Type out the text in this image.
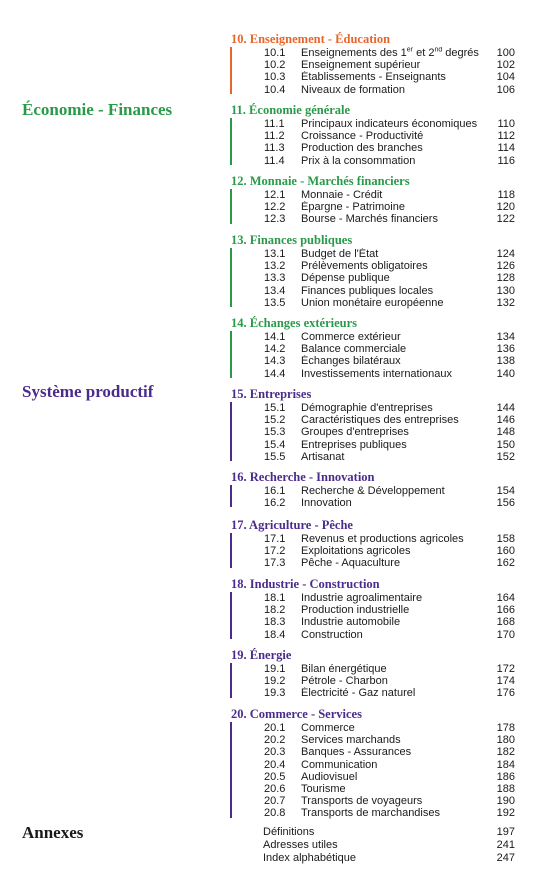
Économie - Finances
Système productif
Annexes
10. Enseignement - Éducation
10.1	Enseignements des 1er et 2nd degrés	100
10.2	Enseignement supérieur	102
10.3	Établissements - Enseignants	104
10.4	Niveaux de formation	106
11. Économie générale
11.1	Principaux indicateurs économiques	110
11.2	Croissance - Productivité	112
11.3	Production des branches	114
11.4	Prix à la consommation	116
12. Monnaie - Marchés financiers
12.1	Monnaie - Crédit	118
12.2	Épargne - Patrimoine	120
12.3	Bourse - Marchés financiers	122
13. Finances publiques
13.1	Budget de l'État	124
13.2	Prélèvements obligatoires	126
13.3	Dépense publique	128
13.4	Finances publiques locales	130
13.5	Union monétaire européenne	132
14. Échanges extérieurs
14.1	Commerce extérieur	134
14.2	Balance commerciale	136
14.3	Échanges bilatéraux	138
14.4	Investissements internationaux	140
15. Entreprises
15.1	Démographie d'entreprises	144
15.2	Caractéristiques des entreprises	146
15.3	Groupes d'entreprises	148
15.4	Entreprises publiques	150
15.5	Artisanat	152
16. Recherche - Innovation
16.1	Recherche & Développement	154
16.2	Innovation	156
17. Agriculture - Pêche
17.1	Revenus et productions agricoles	158
17.2	Exploitations agricoles	160
17.3	Pêche - Aquaculture	162
18. Industrie - Construction
18.1	Industrie agroalimentaire	164
18.2	Production industrielle	166
18.3	Industrie automobile	168
18.4	Construction	170
19. Énergie
19.1	Bilan énergétique	172
19.2	Pétrole - Charbon	174
19.3	Électricité - Gaz naturel	176
20. Commerce - Services
20.1	Commerce	178
20.2	Services marchands	180
20.3	Banques - Assurances	182
20.4	Communication	184
20.5	Audiovisuel	186
20.6	Tourisme	188
20.7	Transports de voyageurs	190
20.8	Transports de marchandises	192
Définitions	197
Adresses utiles	241
Index alphabétique	247
